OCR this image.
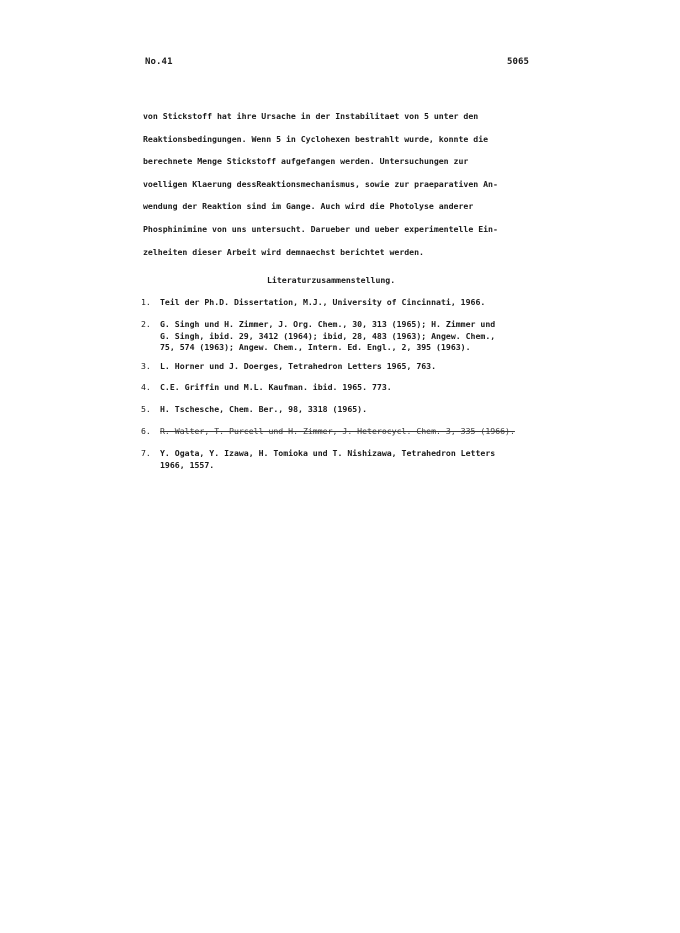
No.41	5065
von Stickstoff hat ihre Ursache in der Instabilitaet von 5 unter den
Reaktionsbedingungen. Wenn 5 in Cyclohexen bestrahlt wurde, konnte die
berechnete Menge Stickstoff aufgefangen werden. Untersuchungen zur
voelligen Klaerung dessReaktionsmechanismus, sowie zur praeparativen An-
wendung der Reaktion sind im Gange. Auch wird die Photolyse anderer
Phosphinimine von uns untersucht. Darueber und ueber experimentelle Ein-
zelheiten dieser Arbeit wird demnaechst berichtet werden.
Literaturzusammenstellung.
1. Teil der Ph.D. Dissertation, M.J., University of Cincinnati, 1966.
2. G. Singh und H. Zimmer, J. Org. Chem., 30, 313 (1965); H. Zimmer und
G. Singh, ibid. 29, 3412 (1964); ibid, 28, 483 (1963); Angew. Chem.,
75, 574 (1963); Angew. Chem., Intern. Ed. Engl., 2, 395 (1963).
3. L. Horner und J. Doerges, Tetrahedron Letters 1965, 763.
4. C.E. Griffin und M.L. Kaufman. ibid. 1965. 773.
5. H. Tschesche, Chem. Ber., 98, 3318 (1965).
6. R. Walter, T. Purcell und H. Zimmer, J. Heterocycl. Chem. 3, 335 (1966).
7. Y. Ogata, Y. Izawa, H. Tomioka und T. Nishizawa, Tetrahedron Letters
1966, 1557.
